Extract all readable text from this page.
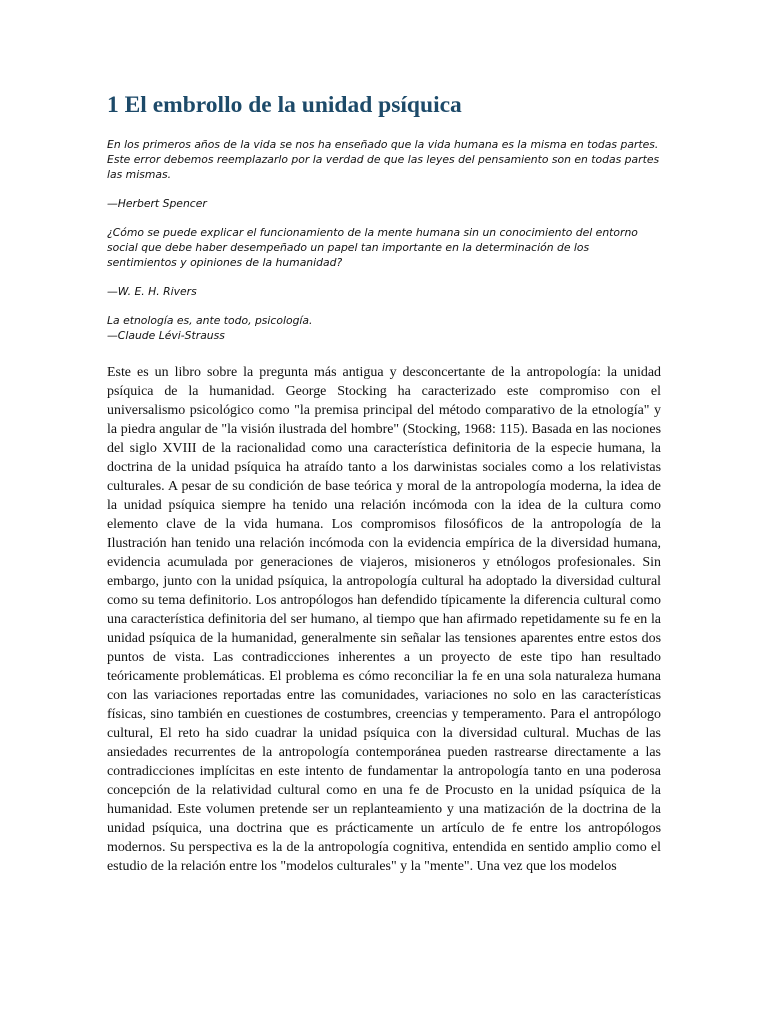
1 El embrollo de la unidad psíquica

En los primeros años de la vida se nos ha enseñado que la vida humana es la misma en todas partes. Este error debemos reemplazarlo por la verdad de que las leyes del pensamiento son en todas partes las mismas.

—Herbert Spencer

¿Cómo se puede explicar el funcionamiento de la mente humana sin un conocimiento del entorno social que debe haber desempeñado un papel tan importante en la determinación de los sentimientos y opiniones de la humanidad?

—W. E. H. Rivers

La etnología es, ante todo, psicología.

—Claude Lévi-Strauss

Este es un libro sobre la pregunta más antigua y desconcertante de la antropología: la unidad psíquica de la humanidad. George Stocking ha caracterizado este compromiso con el universalismo psicológico como "la premisa principal del método comparativo de la etnología" y la piedra angular de "la visión ilustrada del hombre" (Stocking, 1968: 115). Basada en las nociones del siglo XVIII de la racionalidad como una característica definitoria de la especie humana, la doctrina de la unidad psíquica ha atraído tanto a los darwinistas sociales como a los relativistas culturales. A pesar de su condición de base teórica y moral de la antropología moderna, la idea de la unidad psíquica siempre ha tenido una relación incómoda con la idea de la cultura como elemento clave de la vida humana. Los compromisos filosóficos de la antropología de la Ilustración han tenido una relación incómoda con la evidencia empírica de la diversidad humana, evidencia acumulada por generaciones de viajeros, misioneros y etnólogos profesionales. Sin embargo, junto con la unidad psíquica, la antropología cultural ha adoptado la diversidad cultural como su tema definitorio. Los antropólogos han defendido típicamente la diferencia cultural como una característica definitoria del ser humano, al tiempo que han afirmado repetidamente su fe en la unidad psíquica de la humanidad, generalmente sin señalar las tensiones aparentes entre estos dos puntos de vista. Las contradicciones inherentes a un proyecto de este tipo han resultado teóricamente problemáticas. El problema es cómo reconciliar la fe en una sola naturaleza humana con las variaciones reportadas entre las comunidades, variaciones no solo en las características físicas, sino también en cuestiones de costumbres, creencias y temperamento. Para el antropólogo cultural, El reto ha sido cuadrar la unidad psíquica con la diversidad cultural. Muchas de las ansiedades recurrentes de la antropología contemporánea pueden rastrearse directamente a las contradicciones implícitas en este intento de fundamentar la antropología tanto en una poderosa concepción de la relatividad cultural como en una fe de Procusto en la unidad psíquica de la humanidad. Este volumen pretende ser un replanteamiento y una matización de la doctrina de la unidad psíquica, una doctrina que es prácticamente un artículo de fe entre los antropólogos modernos. Su perspectiva es la de la antropología cognitiva, entendida en sentido amplio como el estudio de la relación entre los "modelos culturales" y la "mente". Una vez que los modelos
